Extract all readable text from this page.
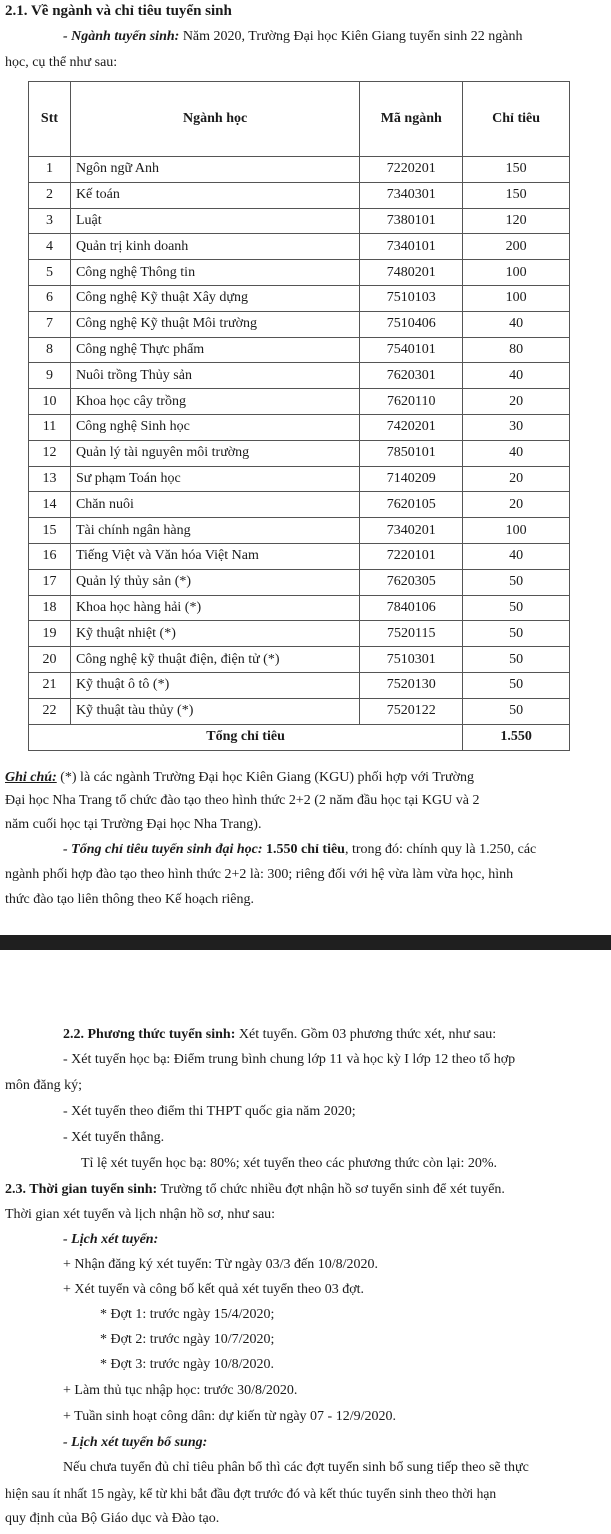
2.1. Về ngành và chỉ tiêu tuyển sinh
- Ngành tuyển sinh: Năm 2020, Trường Đại học Kiên Giang tuyển sinh 22 ngành
học, cụ thể như sau:
Stt	Ngành học	Mã ngành	Chỉ tiêu
1	Ngôn ngữ Anh	7220201	150
2	Kế toán	7340301	150
3	Luật	7380101	120
4	Quản trị kinh doanh	7340101	200
5	Công nghệ Thông tin	7480201	100
6	Công nghệ Kỹ thuật Xây dựng	7510103	100
7	Công nghệ Kỹ thuật Môi trường	7510406	40
8	Công nghệ Thực phẩm	7540101	80
9	Nuôi trồng Thủy sản	7620301	40
10	Khoa học cây trồng	7620110	20
11	Công nghệ Sinh học	7420201	30
12	Quản lý tài nguyên môi trường	7850101	40
13	Sư phạm Toán học	7140209	20
14	Chăn nuôi	7620105	20
15	Tài chính ngân hàng	7340201	100
16	Tiếng Việt và Văn hóa Việt Nam	7220101	40
17	Quản lý thủy sản (*)	7620305	50
18	Khoa học hàng hải (*)	7840106	50
19	Kỹ thuật nhiệt (*)	7520115	50
20	Công nghệ kỹ thuật điện, điện tử (*)	7510301	50
21	Kỹ thuật ô tô (*)	7520130	50
22	Kỹ thuật tàu thủy (*)	7520122	50
Tổng chỉ tiêu			1.550
Ghi chú: (*) là các ngành Trường Đại học Kiên Giang (KGU) phối hợp với Trường
Đại học Nha Trang tổ chức đào tạo theo hình thức 2+2 (2 năm đầu học tại KGU và 2
năm cuối học tại Trường Đại học Nha Trang).
- Tổng chỉ tiêu tuyển sinh đại học: 1.550 chỉ tiêu, trong đó: chính quy là 1.250, các
ngành phối hợp đào tạo theo hình thức 2+2 là: 300; riêng đối với hệ vừa làm vừa học, hình
thức đào tạo liên thông theo Kế hoạch riêng.
2.2. Phương thức tuyển sinh: Xét tuyển. Gồm 03 phương thức xét, như sau:
- Xét tuyển học bạ: Điểm trung bình chung lớp 11 và học kỳ I lớp 12 theo tổ hợp
môn đăng ký;
- Xét tuyển theo điểm thi THPT quốc gia năm 2020;
- Xét tuyển thẳng.
Tỉ lệ xét tuyển học bạ: 80%; xét tuyển theo các phương thức còn lại: 20%.
2.3. Thời gian tuyển sinh: Trường tổ chức nhiều đợt nhận hồ sơ tuyển sinh để xét tuyển.
Thời gian xét tuyển và lịch nhận hồ sơ, như sau:
- Lịch xét tuyển:
+ Nhận đăng ký xét tuyển: Từ ngày 03/3 đến 10/8/2020.
+ Xét tuyển và công bố kết quả xét tuyển theo 03 đợt.
* Đợt 1: trước ngày 15/4/2020;
* Đợt 2: trước ngày 10/7/2020;
* Đợt 3: trước ngày 10/8/2020.
+ Làm thủ tục nhập học: trước 30/8/2020.
+ Tuần sinh hoạt công dân: dự kiến từ ngày 07 - 12/9/2020.
- Lịch xét tuyển bổ sung:
Nếu chưa tuyển đủ chỉ tiêu phân bổ thì các đợt tuyển sinh bổ sung tiếp theo sẽ thực
hiện sau ít nhất 15 ngày, kể từ khi bắt đầu đợt trước đó và kết thúc tuyển sinh theo thời hạn
quy định của Bộ Giáo dục và Đào tạo.
